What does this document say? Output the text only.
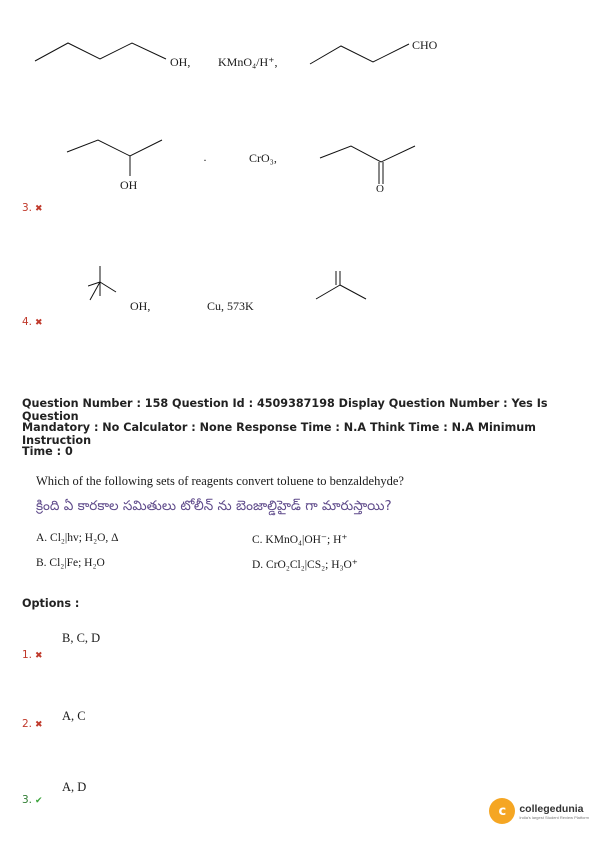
OH, KMnO₄/H⁺,
CHO
OH
·	CrO₃,
O
3. ✖
OH,	Cu, 573K
4. ✖
Question Number : 158 Question Id : 4509387198 Display Question Number : Yes Is Question
Mandatory : No Calculator : None Response Time : N.A Think Time : N.A Minimum Instruction
Time : 0
Which of the following sets of reagents convert toluene to benzaldehyde?
క్రింది ఏ కారకాల సమితులు టోలీన్ ను బెంజాల్డిహైడ్ గా మారుస్తాయి?
A. Cl₂|hv; H₂O, Δ	C. KMnO₄|OH⁻; H⁺
B. Cl₂|Fe; H₂O	D. CrO₂Cl₂|CS₂; H₃O⁺
Options :
B, C, D
1. ✖
A, C
2. ✖
A, D
3. ✔
c	collegedunia
India's largest Student Review Platform
